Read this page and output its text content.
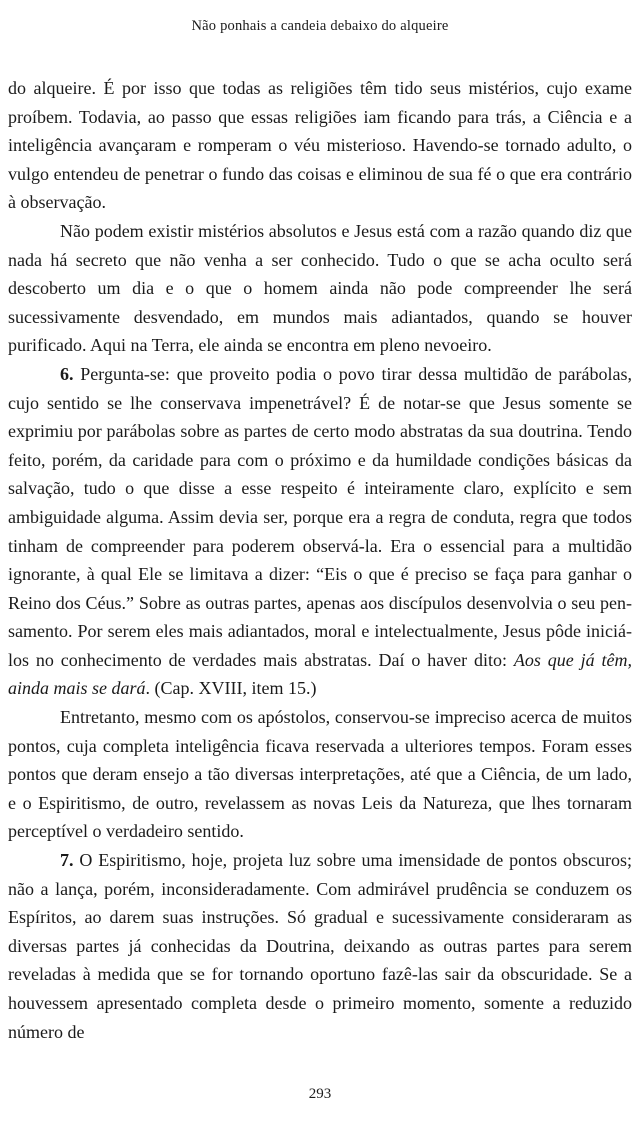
Não ponhais a candeia debaixo do alqueire

do alqueire. É por isso que todas as religiões têm tido seus mistérios, cujo exame proíbem. Todavia, ao passo que essas religiões iam ficando para trás, a Ciência e a inteligência avançaram e romperam o véu misterioso. Havendo-se tornado adulto, o vulgo entendeu de penetrar o fundo das coisas e eliminou de sua fé o que era contrário à observação.

Não podem existir mistérios absolutos e Jesus está com a razão quando diz que nada há secreto que não venha a ser conhecido. Tudo o que se acha oculto será descoberto um dia e o que o homem ainda não pode compreender lhe será sucessivamente desvendado, em mundos mais adiantados, quando se houver purificado. Aqui na Terra, ele ainda se encontra em pleno nevoeiro.

6. Pergunta-se: que proveito podia o povo tirar dessa multidão de parábolas, cujo sentido se lhe conservava impenetrável? É de notar-se que Jesus somente se exprimiu por parábolas sobre as partes de certo modo abstratas da sua doutrina. Tendo feito, porém, da caridade para com o próximo e da humildade condições básicas da salvação, tudo o que disse a esse respeito é inteiramente claro, explícito e sem ambiguidade alguma. Assim devia ser, porque era a regra de conduta, regra que todos tinham de compreender para poderem observá-la. Era o essencial para a multidão ignorante, à qual Ele se limitava a dizer: “Eis o que é preciso se faça para ganhar o Reino dos Céus.” Sobre as outras partes, apenas aos discípulos desenvolvia o seu pensamento. Por serem eles mais adiantados, moral e intelectualmente, Jesus pôde iniciá-los no conhecimento de verdades mais abstratas. Daí o haver dito: Aos que já têm, ainda mais se dará. (Cap. XVIII, item 15.)

Entretanto, mesmo com os apóstolos, conservou-se impreciso acerca de muitos pontos, cuja completa inteligência ficava reservada a ulteriores tempos. Foram esses pontos que deram ensejo a tão diversas interpretações, até que a Ciência, de um lado, e o Espiritismo, de outro, revelassem as novas Leis da Natureza, que lhes tornaram perceptível o verdadeiro sentido.

7. O Espiritismo, hoje, projeta luz sobre uma imensidade de pontos obscuros; não a lança, porém, inconsideradamente. Com admirável prudência se conduzem os Espíritos, ao darem suas instruções. Só gradual e sucessivamente consideraram as diversas partes já conhecidas da Doutrina, deixando as outras partes para serem reveladas à medida que se for tornando oportuno fazê-las sair da obscuridade. Se a houvessem apresentado completa desde o primeiro momento, somente a reduzido número de

293
